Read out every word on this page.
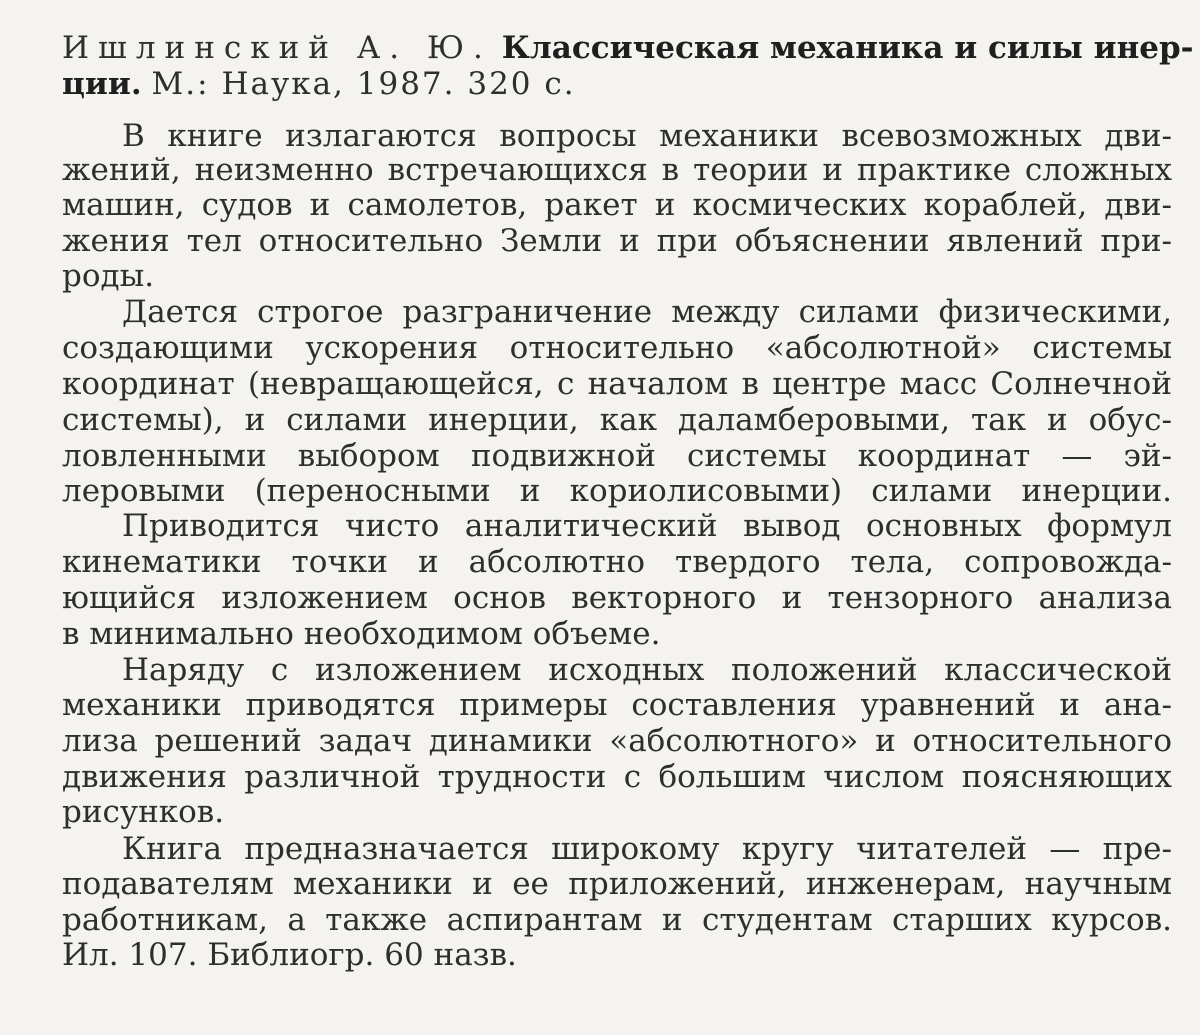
Ишлинский А. Ю. Классическая механика и силы инер-
ции. М.: Наука, 1987. 320 с.
В книге излагаются вопросы механики всевозможных дви-
жений, неизменно встречающихся в теории и практике сложных
машин, судов и самолетов, ракет и космических кораблей, дви-
жения тел относительно Земли и при объяснении явлений при-
роды.
Дается строгое разграничение между силами физическими,
создающими ускорения относительно «абсолютной» системы
координат (невращающейся, с началом в центре масс Солнечной
системы), и силами инерции, как даламберовыми, так и обус-
ловленными выбором подвижной системы координат — эй-
леровыми (переносными и кориолисовыми) силами инерции.
Приводится чисто аналитический вывод основных формул
кинематики точки и абсолютно твердого тела, сопровожда-
ющийся изложением основ векторного и тензорного анализа
в минимально необходимом объеме.
Наряду с изложением исходных положений классической
механики приводятся примеры составления уравнений и ана-
лиза решений задач динамики «абсолютного» и относительного
движения различной трудности с большим числом поясняющих
рисунков.
Книга предназначается широкому кругу читателей — пре-
подавателям механики и ее приложений, инженерам, научным
работникам, а также аспирантам и студентам старших курсов.
Ил. 107. Библиогр. 60 назв.
